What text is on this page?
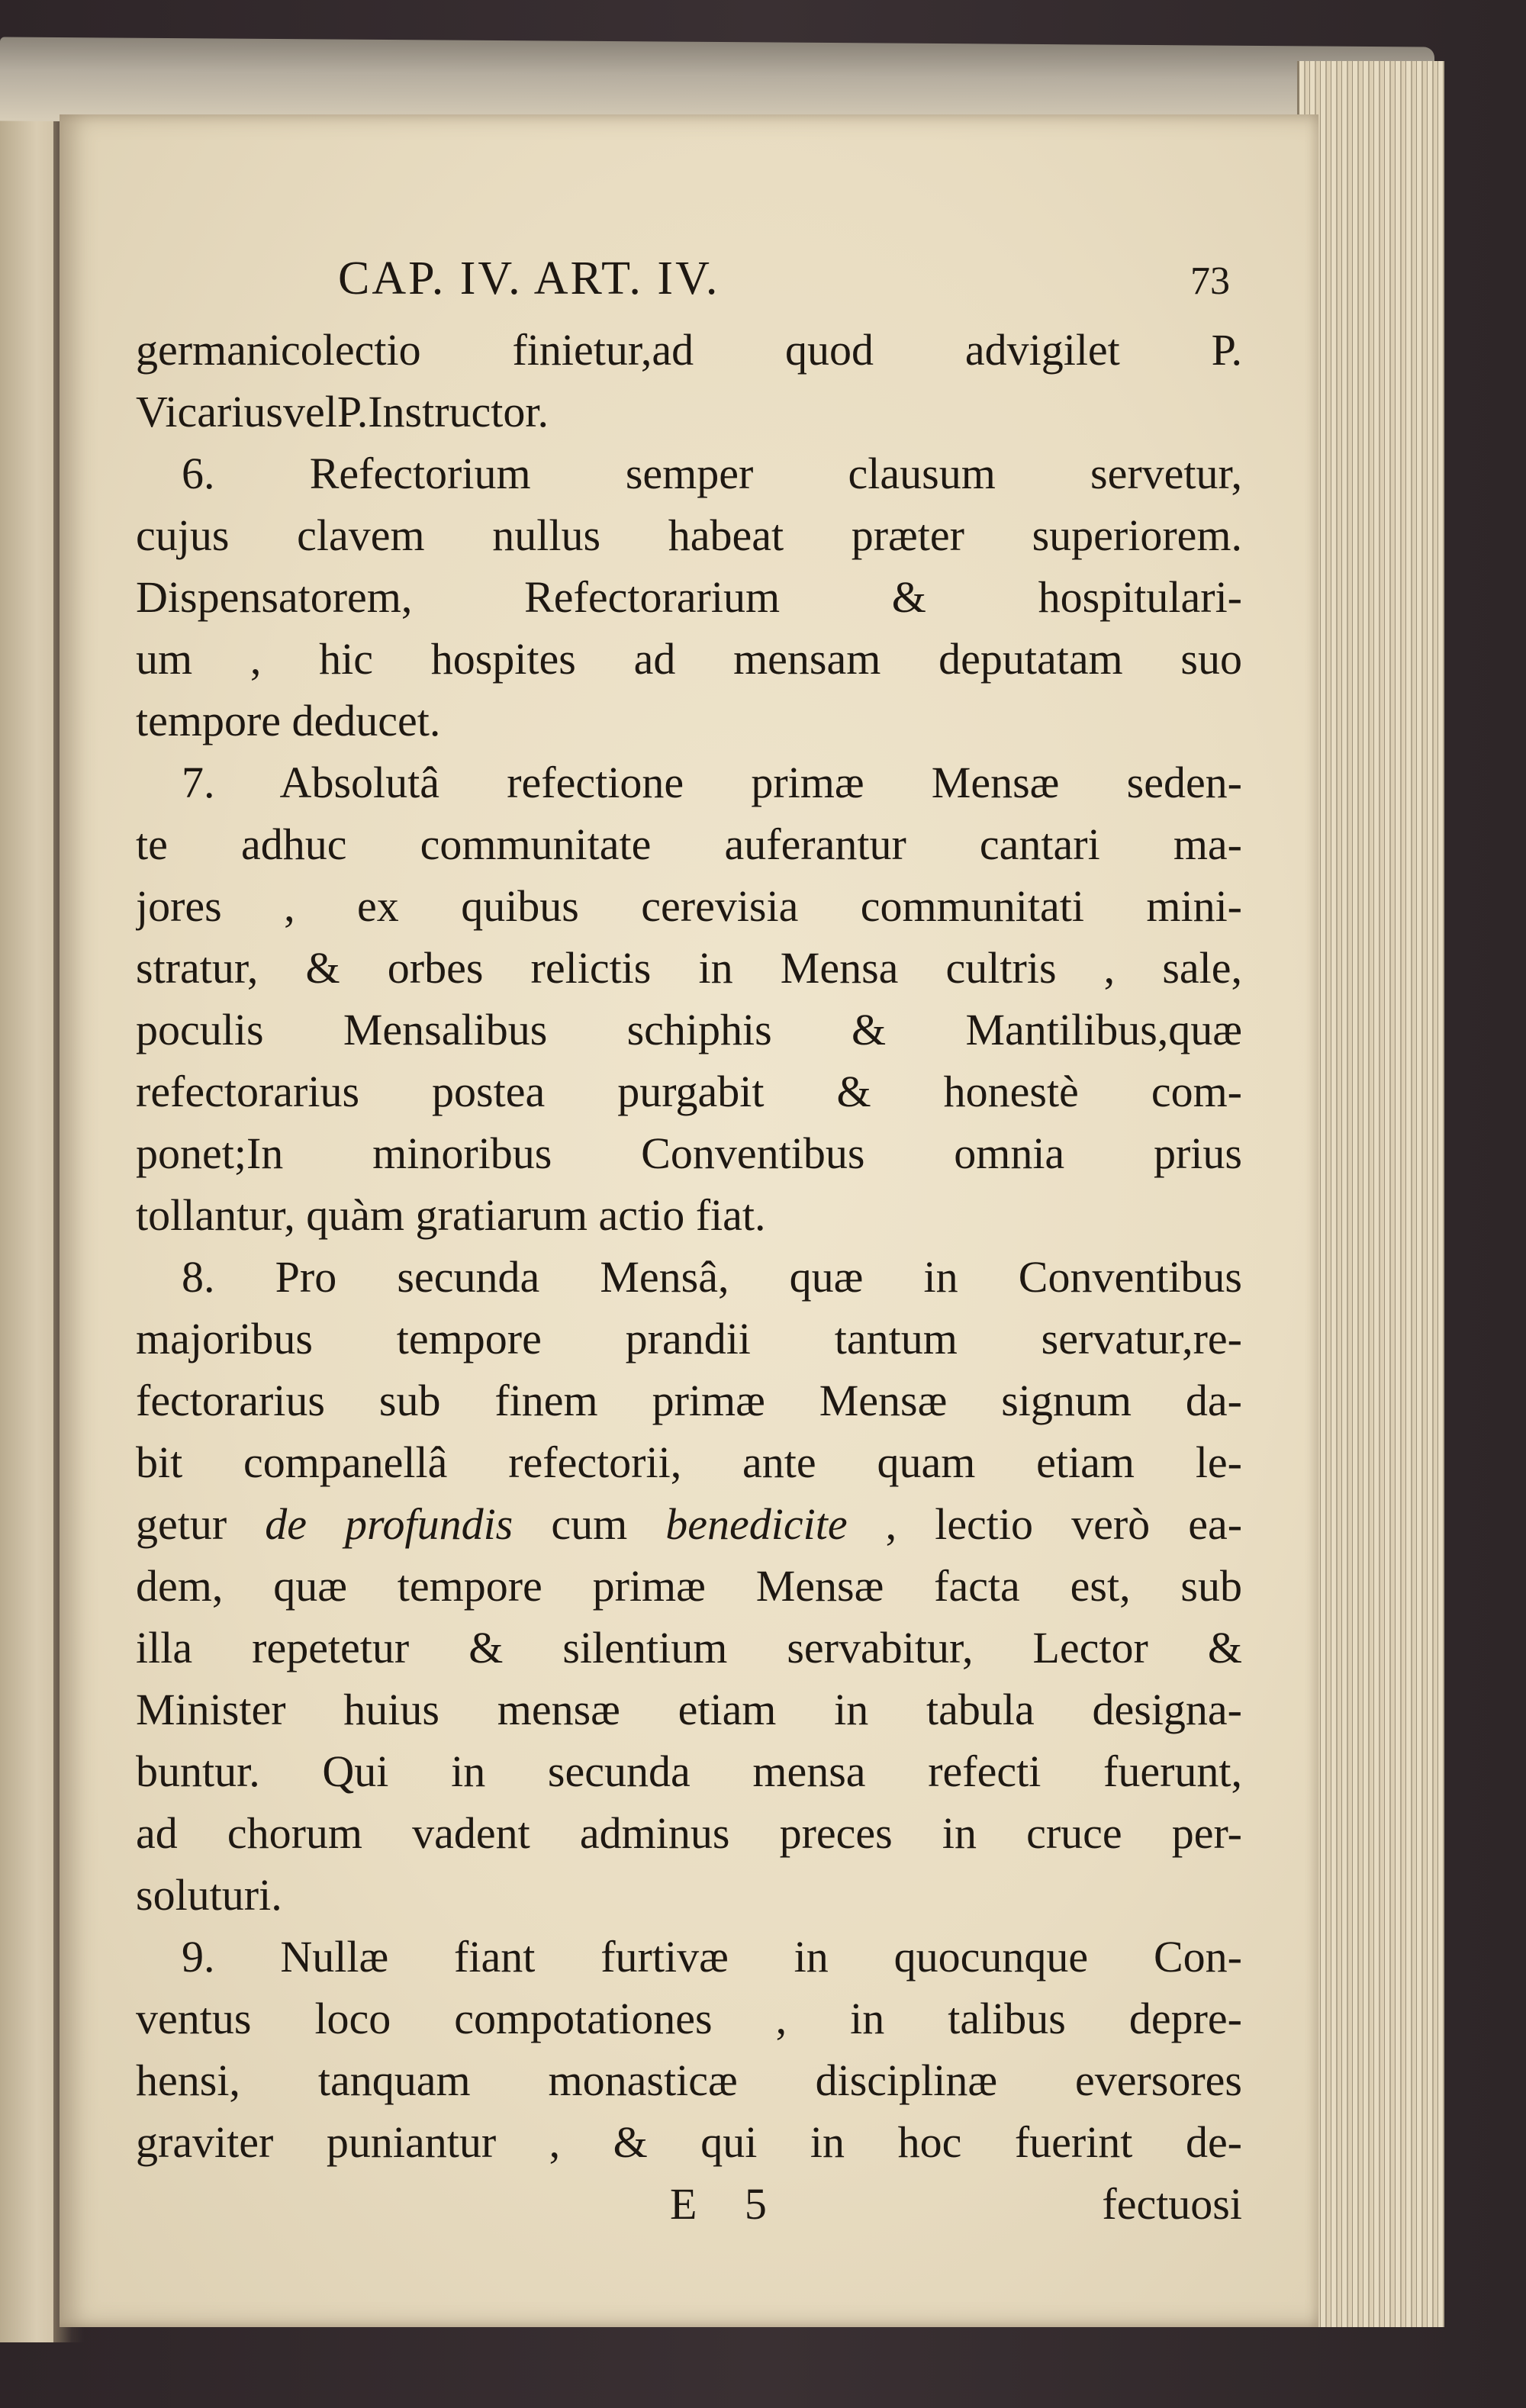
CAP. IV. ART. IV.	73
germanicolectio finietur,ad quod advigilet P.
VicariusvelP.Instructor.
6. Refectorium semper clausum servetur,
cujus clavem nullus habeat præter superiorem.
Dispensatorem, Refectorarium & hospitulari-
um , hic hospites ad mensam deputatam suo
tempore deducet.
7. Absolutâ refectione primæ Mensæ seden-
te adhuc communitate auferantur cantari ma-
jores , ex quibus cerevisia communitati mini-
stratur, & orbes relictis in Mensa cultris , sale,
poculis Mensalibus schiphis & Mantilibus,quæ
refectorarius postea purgabit & honestè com-
ponet;In minoribus Conventibus omnia prius
tollantur, quàm gratiarum actio fiat.
8. Pro secunda Mensâ, quæ in Conventibus
majoribus tempore prandii tantum servatur,re-
fectorarius sub finem primæ Mensæ signum da-
bit companellâ refectorii, ante quam etiam le-
getur de profundis cum benedicite , lectio verò ea-
dem, quæ tempore primæ Mensæ facta est, sub
illa repetetur & silentium servabitur, Lector &
Minister huius mensæ etiam in tabula designa-
buntur. Qui in secunda mensa refecti fuerunt,
ad chorum vadent adminus preces in cruce per-
soluturi.
9. Nullæ fiant furtivæ in quocunque Con-
ventus loco compotationes , in talibus depre-
hensi, tanquam monasticæ disciplinæ eversores
graviter puniantur , & qui in hoc fuerint de-
E 5	fectuosi
